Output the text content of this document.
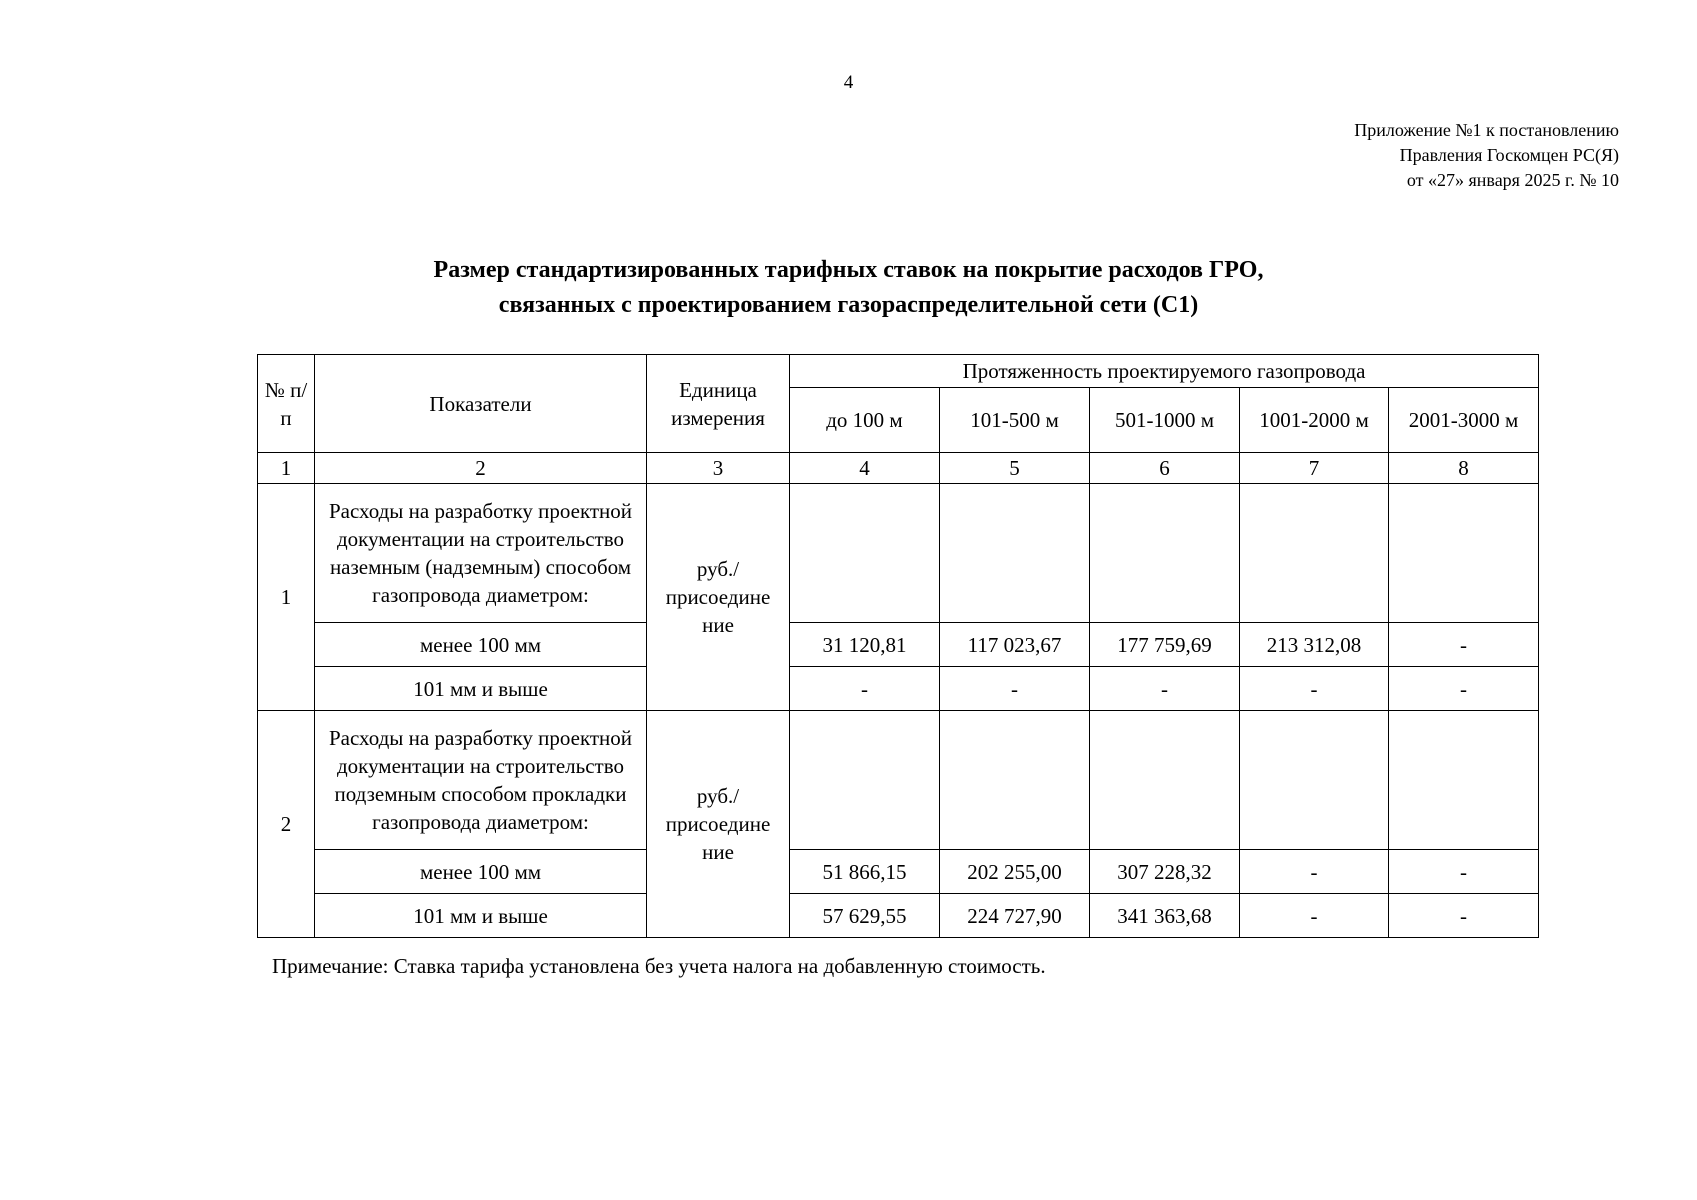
4
Приложение №1 к постановлению
Правления Госкомцен РС(Я)
от «27» января 2025 г. № 10
Размер стандартизированных тарифных ставок на покрытие расходов ГРО,
связанных с проектированием газораспределительной сети (С1)
№ п/п	Показатели	Единица измерения	Протяженность проектируемого газопровода				
			до 100 м	101-500 м	501-1000 м	1001-2000 м	2001-3000 м
1	2	3	4	5	6	7	8
1	Расходы на разработку проектной документации на строительство наземным (надземным) способом газопровода диаметром:	руб./ присоедине ние					
	менее 100 мм		31 120,81	117 023,67	177 759,69	213 312,08	-
	101 мм и выше		-	-	-	-	-
2	Расходы на разработку проектной документации на строительство подземным способом прокладки газопровода диаметром:	руб./ присоедине ние					
	менее 100 мм		51 866,15	202 255,00	307 228,32	-	-
	101 мм и выше		57 629,55	224 727,90	341 363,68	-	-
Примечание: Ставка тарифа установлена без учета налога на добавленную стоимость.
